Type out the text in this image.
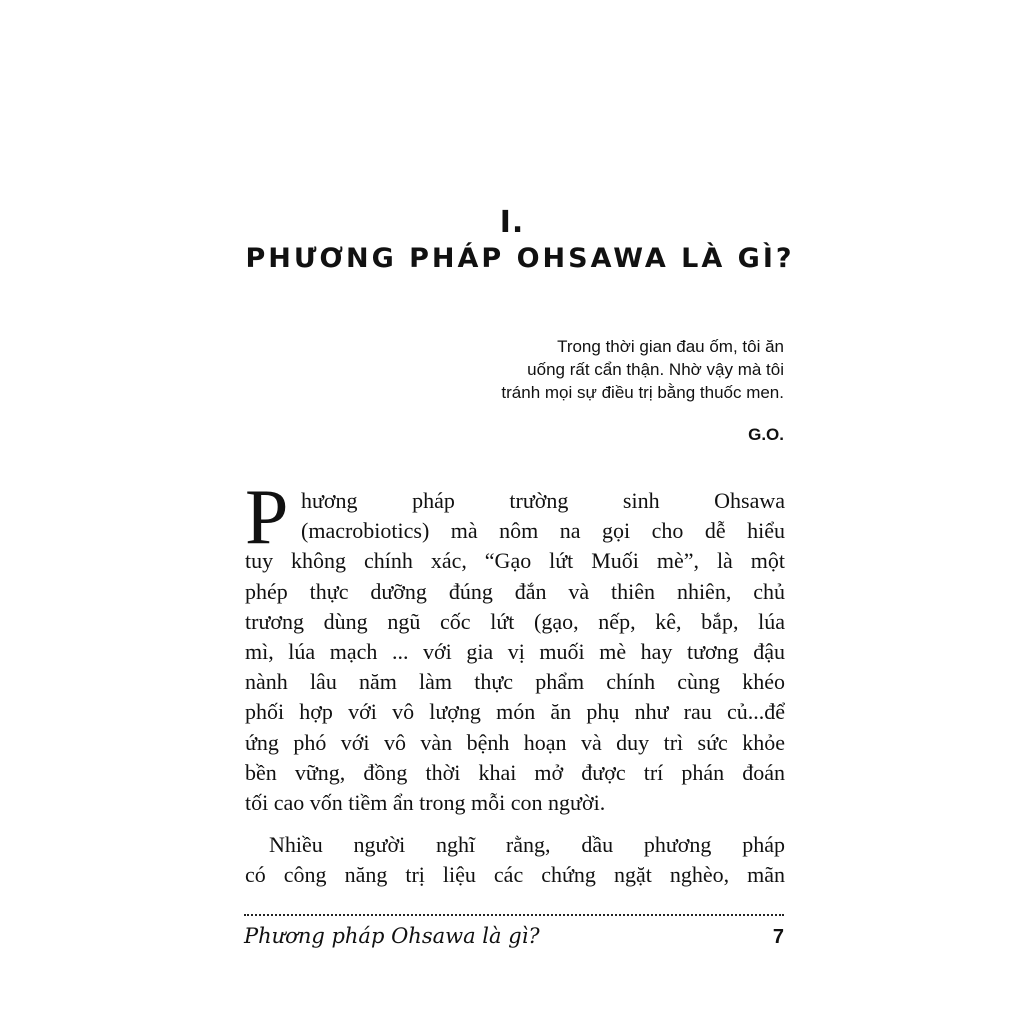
I.
PHƯƠNG PHÁP OHSAWA LÀ GÌ?
Trong thời gian đau ốm, tôi ăn
uống rất cẩn thận. Nhờ vậy mà tôi
tránh mọi sự điều trị bằng thuốc men.
G.O.
P hương pháp trường sinh Ohsawa
(macrobiotics) mà nôm na gọi cho dễ hiểu
tuy không chính xác, “Gạo lứt Muối mè”, là một
phép thực dưỡng đúng đắn và thiên nhiên, chủ
trương dùng ngũ cốc lứt (gạo, nếp, kê, bắp, lúa
mì, lúa mạch ... với gia vị muối mè hay tương đậu
nành lâu năm làm thực phẩm chính cùng khéo
phối hợp với vô lượng món ăn phụ như rau củ...để
ứng phó với vô vàn bệnh hoạn và duy trì sức khỏe
bền vững, đồng thời khai mở được trí phán đoán
tối cao vốn tiềm ẩn trong mỗi con người.
Nhiều người nghĩ rằng, dầu phương pháp
có công năng trị liệu các chứng ngặt nghèo, mãn
Phương pháp Ohsawa là gì?	7
